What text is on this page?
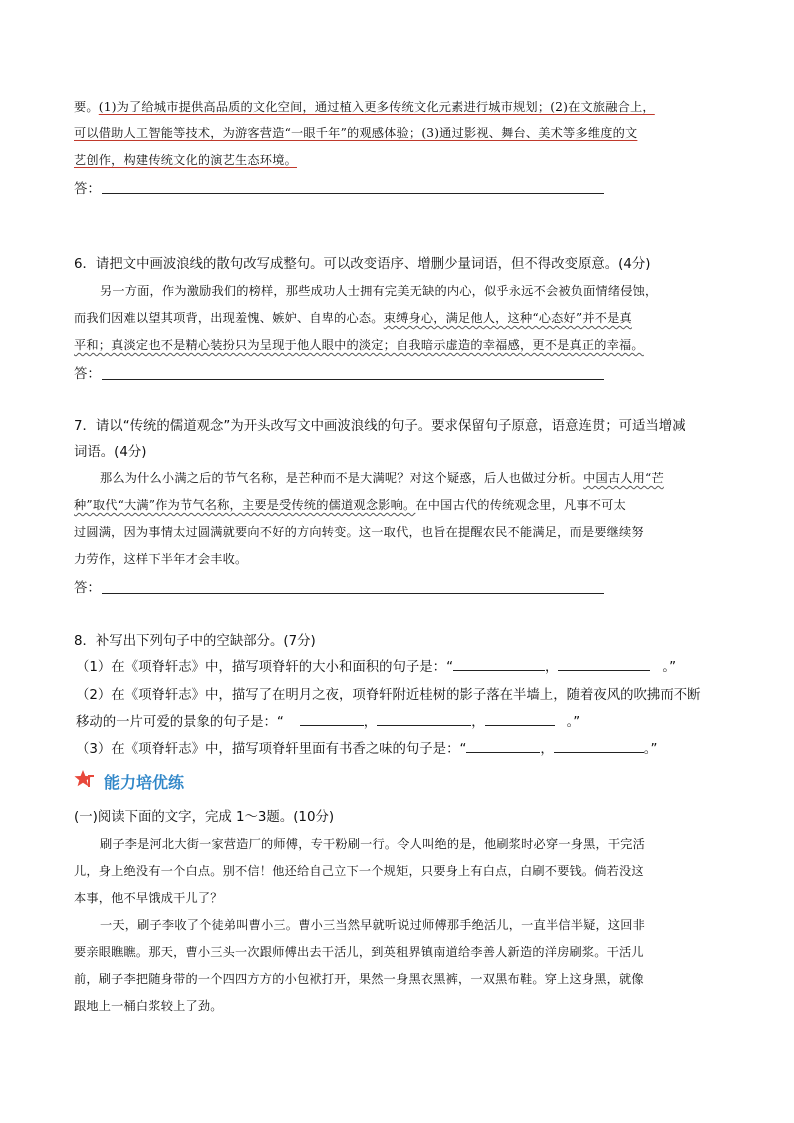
要。(1)为了给城市提供高品质的文化空间，通过植入更多传统文化元素进行城市规划；(2)在文旅融合上，
可以借助人工智能等技术，为游客营造“一眼千年”的观感体验；(3)通过影视、舞台、美术等多维度的文
艺创作，构建传统文化的演艺生态环境。
答：
6．请把文中画波浪线的散句改写成整句。可以改变语序、增删少量词语，但不得改变原意。(4分)
另一方面，作为激励我们的榜样，那些成功人士拥有完美无缺的内心，似乎永远不会被负面情绪侵蚀，
而我们因难以望其项背，出现羞愧、嫉妒、自卑的心态。束缚身心，满足他人，这种“心态好”并不是真
平和；真淡定也不是精心装扮只为呈现于他人眼中的淡定；自我暗示虚造的幸福感，更不是真正的幸福。
答：
7．请以“传统的儒道观念”为开头改写文中画波浪线的句子。要求保留句子原意，语意连贯；可适当增减
词语。(4分)
那么为什么小满之后的节气名称，是芒种而不是大满呢？对这个疑惑，后人也做过分析。中国古人用“芒
种”取代“大满”作为节气名称，主要是受传统的儒道观念影响。在中国古代的传统观念里，凡事不可太
过圆满，因为事情太过圆满就要向不好的方向转变。这一取代，也旨在提醒农民不能满足，而是要继续努
力劳作，这样下半年才会丰收。
答：
8．补写出下列句子中的空缺部分。(7分)
（1）在《项脊轩志》中，描写项脊轩的大小和面积的句子是：“	，	。”
（2）在《项脊轩志》中，描写了在明月之夜，项脊轩附近桂树的影子落在半墙上，随着夜风的吹拂而不断
移动的一片可爱的景象的句子是：“	，	，	。”
（3）在《项脊轩志》中，描写项脊轩里面有书香之味的句子是：“	，	。”
能力培优练
(一)阅读下面的文字，完成 1～3题。(10分)
刷子李是河北大街一家营造厂的师傅，专干粉刷一行。令人叫绝的是，他刷浆时必穿一身黑，干完活
儿，身上绝没有一个白点。别不信！他还给自己立下一个规矩，只要身上有白点，白刷不要钱。倘若没这
本事，他不早饿成干儿了？
一天，刷子李收了个徒弟叫曹小三。曹小三当然早就听说过师傅那手绝活儿，一直半信半疑，这回非
要亲眼瞧瞧。那天，曹小三头一次跟师傅出去干活儿，到英租界镇南道给李善人新造的洋房刷浆。干活儿
前，刷子李把随身带的一个四四方方的小包袱打开，果然一身黑衣黑裤，一双黑布鞋。穿上这身黑，就像
跟地上一桶白浆较上了劲。
